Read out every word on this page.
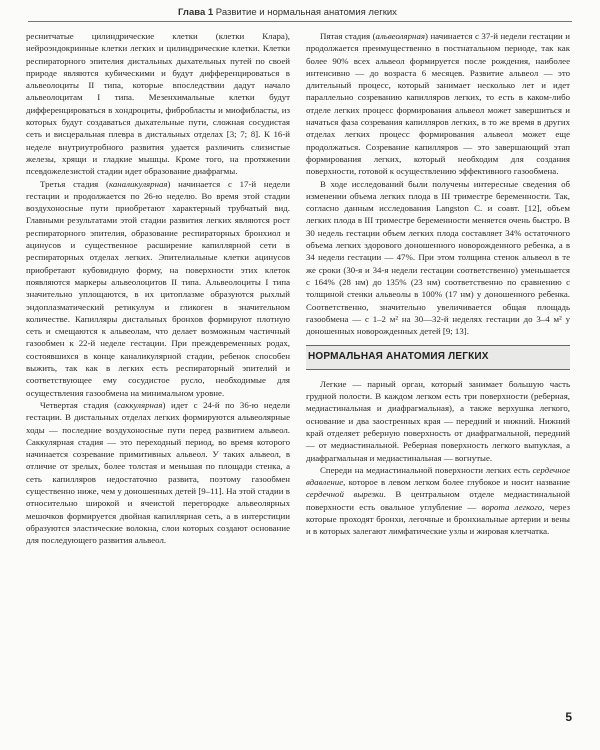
Глава 1 Развитие и нормальная анатомия легких

реснитчатые цилиндрические клетки (клетки Клара), нейроэндокринные клетки легких и цилиндрические клетки. Клетки респираторного эпителия дистальных дыхательных путей по своей природе являются кубическими и будут дифференцироваться в альвеолоциты II типа, которые впоследствии дадут начало альвеолоцитам I типа. Мезенхимальные клетки будут дифференцироваться в хондроциты, фибробласты и миофибласты, из которых будут создаваться дыхательные пути, сложная сосудистая сеть и висцеральная плевра в дистальных отделах [3; 7; 8]. К 16-й неделе внутриутробного развития удается различить слизистые железы, хрящи и гладкие мышцы. Кроме того, на протяжении псевдожелезистой стадии идет образование диафрагмы.

Третья стадия (каналикулярная) начинается с 17-й недели гестации и продолжается по 26-ю неделю. Во время этой стадии воздухоносные пути приобретают характерный трубчатый вид. Главными результатами этой стадии развития легких являются рост респираторного эпителия, образование респираторных бронхиол и ацинусов и существенное расширение капиллярной сети в респираторных отделах легких. Эпителиальные клетки ацинусов приобретают кубовидную форму, на поверхности этих клеток появляются маркеры альвеолоцитов II типа. Альвеолоциты I типа значительно уплощаются, в их цитоплазме образуются рыхлый эндоплазматический ретикулум и гликоген в значительном количестве. Капилляры дистальных бронхов формируют плотную сеть и смещаются к альвеолам, что делает возможным частичный газообмен к 22-й неделе гестации. При преждевременных родах, состоявшихся в конце каналикулярной стадии, ребенок способен выжить, так как в легких есть респираторный эпителий и соответствующее ему сосудистое русло, необходимые для осуществления газообмена на минимальном уровне.

Четвертая стадия (саккулярная) идет с 24-й по 36-ю недели гестации. В дистальных отделах легких формируются альвеолярные ходы — последние воздухоносные пути перед развитием альвеол. Саккулярная стадия — это переходный период, во время которого начинается созревание примитивных альвеол. У таких альвеол, в отличие от зрелых, более толстая и меньшая по площади стенка, а сеть капилляров недостаточно развита, поэтому газообмен существенно ниже, чем у доношенных детей [9–11]. На этой стадии в относительно широкой и ячеистой перегородке альвеолярных мешочков формируется двойная капиллярная сеть, а в интерстиции образуются эластические волокна, слои которых создают основание для последующего развития альвеол.

Пятая стадия (альвеолярная) начинается с 37-й недели гестации и продолжается преимущественно в постнатальном периоде, так как более 90% всех альвеол формируется после рождения, наиболее интенсивно — до возраста 6 месяцев. Развитие альвеол — это длительный процесс, который занимает несколько лет и идет параллельно созреванию капилляров легких, то есть в каком-либо отделе легких процесс формирования альвеол может завершиться и начаться фаза созревания капилляров легких, в то же время в других отделах легких процесс формирования альвеол может еще продолжаться. Созревание капилляров — это завершающий этап формирования легких, который необходим для создания поверхности, готовой к осуществлению эффективного газообмена.

В ходе исследований были получены интересные сведения об изменении объема легких плода в III триместре беременности. Так, согласно данным исследования Langston C. и соавт. [12], объем легких плода в III триместре беременности меняется очень быстро. В 30 недель гестации объем легких плода составляет 34% остаточного объема легких здорового доношенного новорожденного ребенка, а в 34 недели гестации — 47%. При этом толщина стенок альвеол в те же сроки (30-я и 34-я недели гестации соответственно) уменьшается с 164% (28 нм) до 135% (23 нм) соответственно по сравнению с толщиной стенки альвеолы в 100% (17 нм) у доношенного ребенка. Соответственно, значительно увеличивается общая площадь газообмена — с 1–2 м² на 30—32-й неделях гестации до 3–4 м² у доношенных новорожденных детей [9; 13].

НОРМАЛЬНАЯ АНАТОМИЯ ЛЕГКИХ

Легкие — парный орган, который занимает большую часть грудной полости. В каждом легком есть три поверхности (реберная, медиастинальная и диафрагмальная), а также верхушка легкого, основание и два заостренных края — передний и нижний. Нижний край отделяет реберную поверхность от диафрагмальной, передний — от медиастинальной. Реберная поверхность легкого выпуклая, а диафрагмальная и медиастинальная — вогнутые.

Спереди на медиастинальной поверхности легких есть сердечное вдавление, которое в левом легком более глубокое и носит название сердечной вырезки. В центральном отделе медиастинальной поверхности есть овальное углубление — ворота легкого, через которые проходят бронхи, легочные и бронхиальные артерии и вены и в которых залегают лимфатические узлы и жировая клетчатка.

5
